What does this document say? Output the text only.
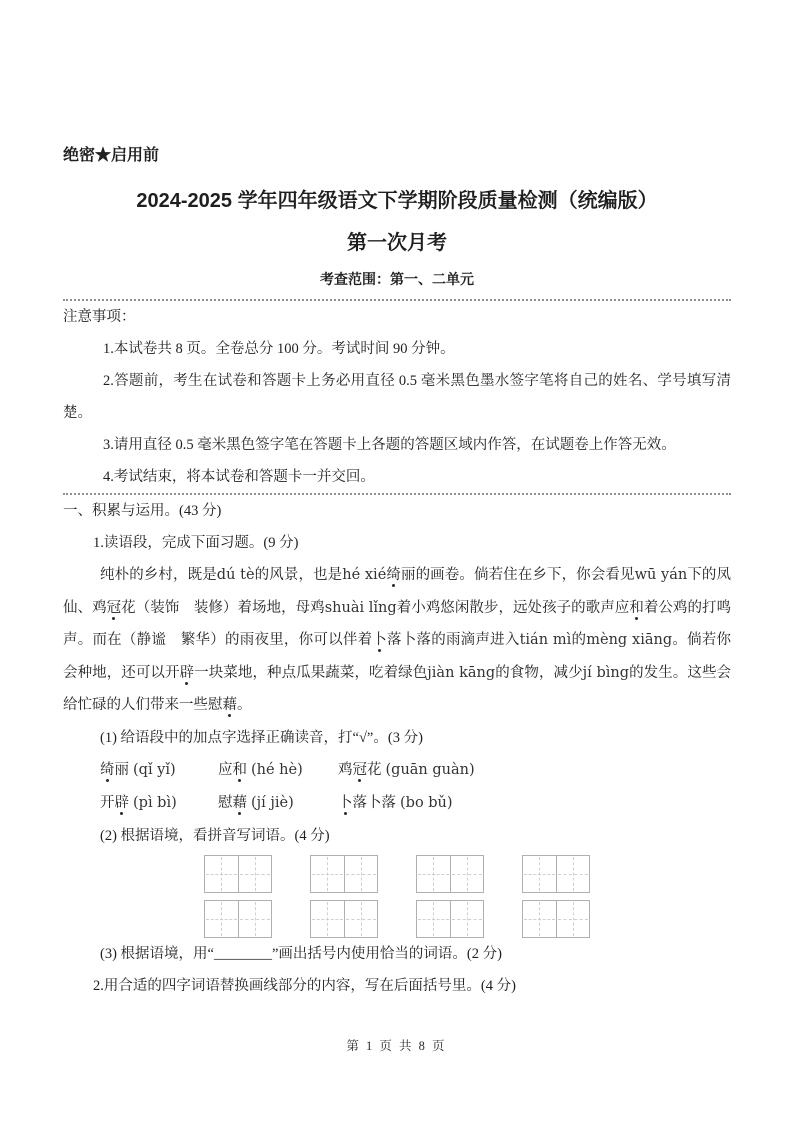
绝密★启用前
2024-2025 学年四年级语文下学期阶段质量检测（统编版）
第一次月考
考查范围：第一、二单元
注意事项：
1.本试卷共 8 页。全卷总分 100 分。考试时间 90 分钟。
2.答题前，考生在试卷和答题卡上务必用直径 0.5 毫米黑色墨水签字笔将自己的姓名、学号填写清楚。
3.请用直径 0.5 毫米黑色签字笔在答题卡上各题的答题区域内作答，在试题卷上作答无效。
4.考试结束，将本试卷和答题卡一并交回。
一、积累与运用。(43 分)
1.读语段，完成下面习题。(9 分)
纯朴的乡村，既是dú tè的风景，也是hé xié绮丽的画卷。倘若住在乡下，你会看见wū yán下的凤仙、鸡冠花（装饰　装修）着场地，母鸡shuài lǐng着小鸡悠闲散步，远处孩子的歌声应和着公鸡的打鸣声。而在（静谧　繁华）的雨夜里，你可以伴着卜落卜落的雨滴声进入tián mì的mèng xiāng。倘若你会种地，还可以开辟一块菜地，种点瓜果蔬菜，吃着绿色jiàn kāng的食物，减少jí bìng的发生。这些会给忙碌的人们带来一些慰藉。
(1) 给语段中的加点字选择正确读音，打“√”。(3 分)
绮丽 (qǐ yǐ)	应和 (hé hè)	鸡冠花 (guān guàn)
开辟 (pì bì)	慰藉 (jí jiè)	卜落卜落 (bo bǔ)
(2) 根据语境，看拼音写词语。(4 分)
(3) 根据语境，用“________”画出括号内使用恰当的词语。(2 分)
2.用合适的四字词语替换画线部分的内容，写在后面括号里。(4 分)
第 1 页 共 8 页
